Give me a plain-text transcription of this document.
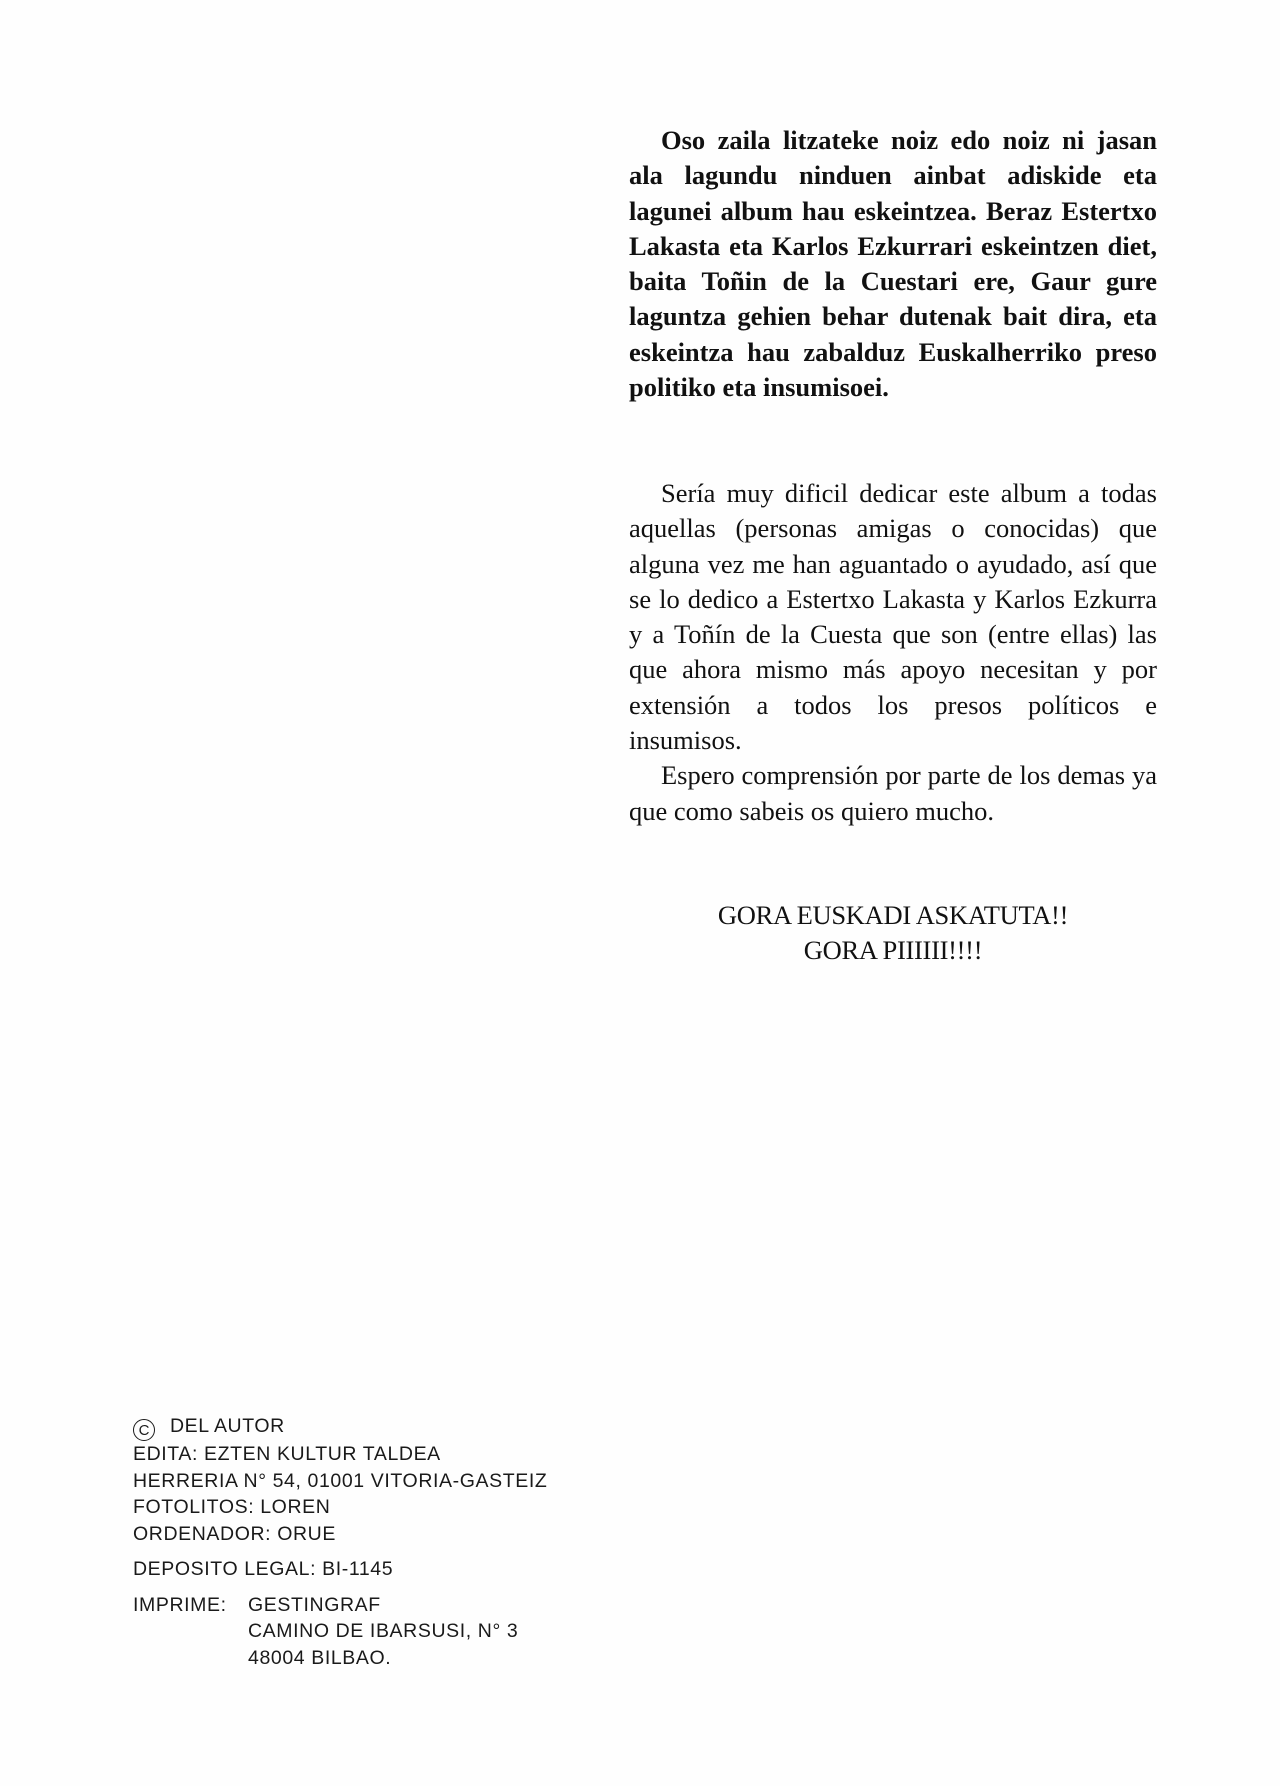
Oso zaila litzateke noiz edo noiz ni jasan ala lagundu ninduen ainbat adiskide eta lagunei album hau eskeintzea. Beraz Estertxo Lakasta eta Karlos Ezkurrari eskeintzen diet, baita Toñin de la Cuestari ere, Gaur gure laguntza gehien behar dutenak bait dira, eta eskeintza hau zabalduz Euskalherriko preso politiko eta insumisoei.

Sería muy dificil dedicar este album a todas aquellas (personas amigas o conocidas) que alguna vez me han aguantado o ayudado, así que se lo dedico a Estertxo Lakasta y Karlos Ezkurra y a Toñín de la Cuesta que son (entre ellas) las que ahora mismo más apoyo necesitan y por extensión a todos los presos políticos e insumisos.

Espero comprensión por parte de los demas ya que como sabeis os quiero mucho.

GORA EUSKADI ASKATUTA!!
GORA PIIIIII!!!!
C DEL AUTOR
EDITA: EZTEN KULTUR TALDEA
HERRERIA N° 54, 01001 VITORIA-GASTEIZ
FOTOLITOS: LOREN
ORDENADOR: ORUE
DEPOSITO LEGAL: BI-1145
IMPRIME:	GESTINGRAF
CAMINO DE IBARSUSI, N° 3
48004 BILBAO.
